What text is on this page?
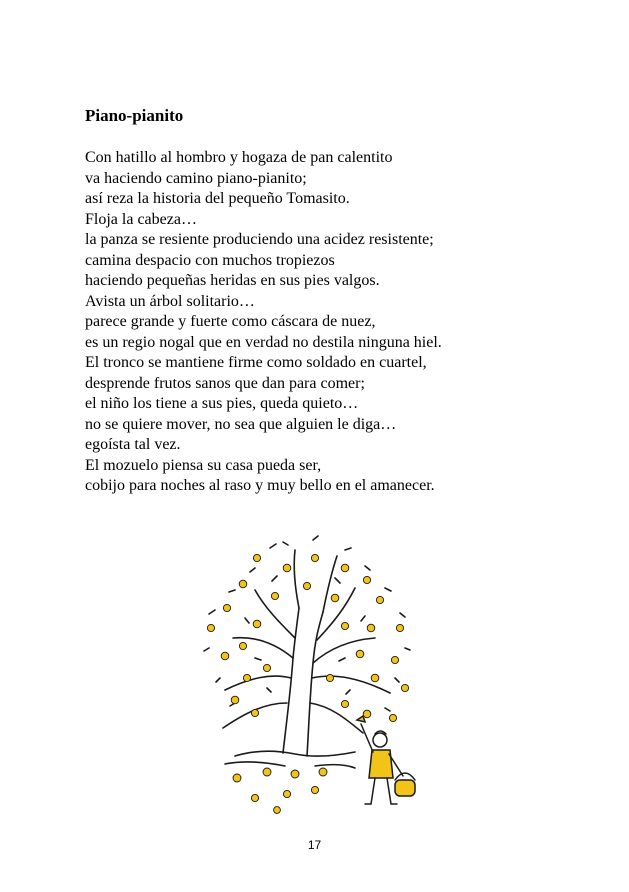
Piano-pianito
Con hatillo al hombro y hogaza de pan calentito
va haciendo camino piano-pianito;
así reza la historia del pequeño Tomasito.
Floja la cabeza…
la panza se resiente produciendo una acidez resistente;
camina despacio con muchos tropiezos
haciendo pequeñas heridas en sus pies valgos.
Avista un árbol solitario…
parece grande y fuerte como cáscara de nuez,
es un regio nogal que en verdad no destila ninguna hiel.
El tronco se mantiene firme como soldado en cuartel,
desprende frutos sanos que dan para comer;
el niño los tiene a sus pies, queda quieto…
no se quiere mover, no sea que alguien le diga…
egoísta tal vez.
El mozuelo piensa su casa pueda ser,
cobijo para noches al raso y muy bello en el amanecer.
17
